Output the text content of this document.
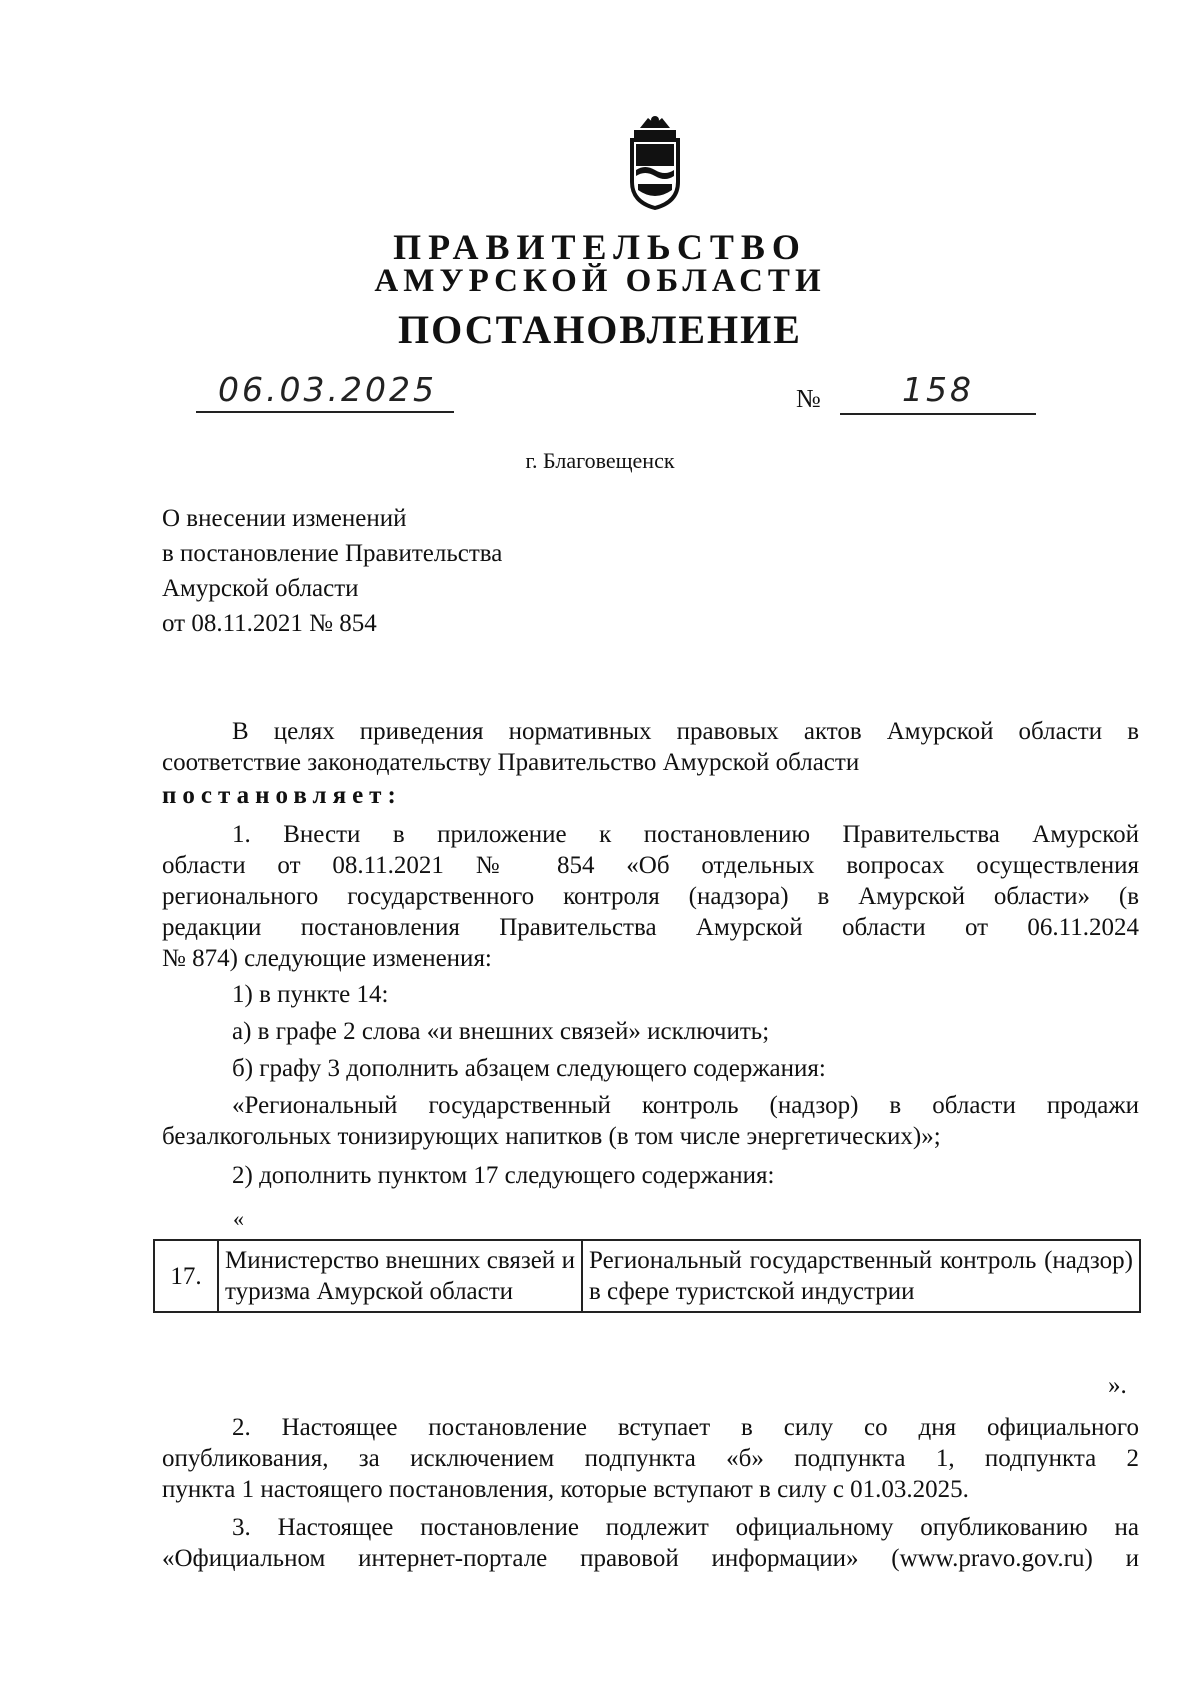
ПРАВИТЕЛЬСТВО
АМУРСКОЙ ОБЛАСТИ
ПОСТАНОВЛЕНИЕ
06.03.2025	№ 158
г. Благовещенск
О внесении изменений
в постановление Правительства
Амурской области
от 08.11.2021 № 854
В целях приведения нормативных правовых актов Амурской области в
соответствие законодательству Правительство Амурской области
постановляет:
1. Внести в приложение к постановлению Правительства Амурской
области от 08.11.2021 № 854 «Об отдельных вопросах осуществления
регионального государственного контроля (надзора) в Амурской области» (в
редакции постановления Правительства Амурской области от 06.11.2024
№ 874) следующие изменения:
1) в пункте 14:
а) в графе 2 слова «и внешних связей» исключить;
б) графу 3 дополнить абзацем следующего содержания:
«Региональный государственный контроль (надзор) в области продажи
безалкогольных тонизирующих напитков (в том числе энергетических)»;
2) дополнить пунктом 17 следующего содержания:
«
17.	Министерство внешних связей и туризма Амурской области	Региональный государственный контроль (надзор) в сфере туристской индустрии
».
2. Настоящее постановление вступает в силу со дня официального
опубликования, за исключением подпункта «б» подпункта 1, подпункта 2
пункта 1 настоящего постановления, которые вступают в силу с 01.03.2025.
3. Настоящее постановление подлежит официальному опубликованию на
«Официальном интернет-портале правовой информации» (www.pravo.gov.ru) и
